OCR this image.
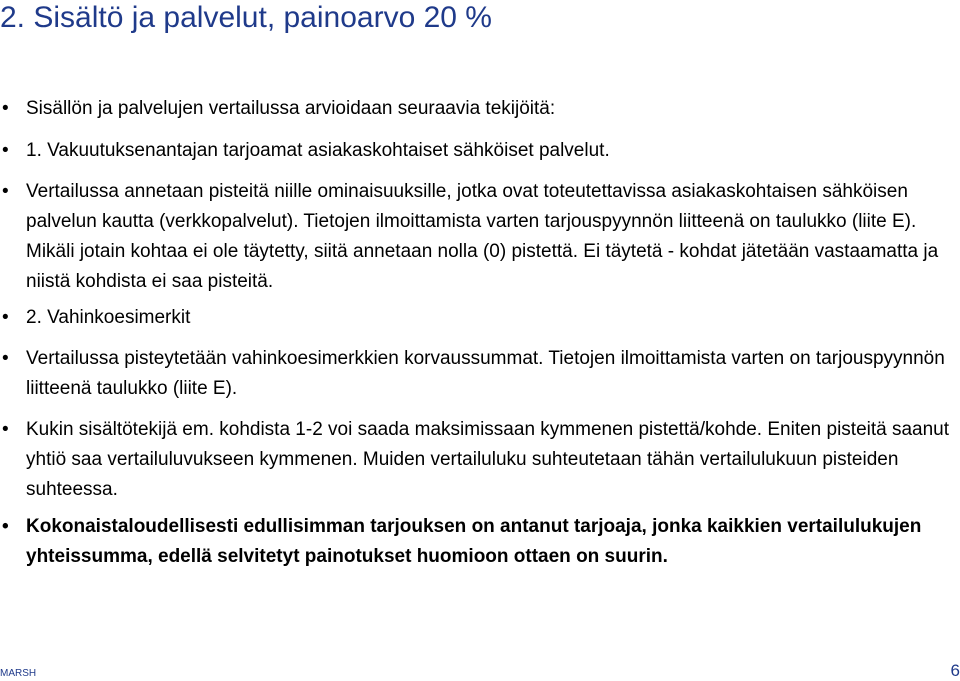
2. Sisältö ja palvelut, painoarvo 20 %
• Sisällön ja palvelujen vertailussa arvioidaan seuraavia tekijöitä:
• 1. Vakuutuksenantajan tarjoamat asiakaskohtaiset sähköiset palvelut.
• Vertailussa annetaan pisteitä niille ominaisuuksille, jotka ovat toteutettavissa asiakaskohtaisen sähköisen palvelun kautta (verkkopalvelut). Tietojen ilmoittamista varten tarjouspyynnön liitteenä on taulukko (liite E). Mikäli jotain kohtaa ei ole täytetty, siitä annetaan nolla (0) pistettä. Ei täytetä - kohdat jätetään vastaamatta ja niistä kohdista ei saa pisteitä.
• 2. Vahinkoesimerkit
• Vertailussa pisteytetään vahinkoesimerkkien korvaussummat. Tietojen ilmoittamista varten on tarjouspyynnön liitteenä taulukko (liite E).
• Kukin sisältötekijä em. kohdista 1-2 voi saada maksimissaan kymmenen pistettä/kohde. Eniten pisteitä saanut yhtiö saa vertailuluvukseen kymmenen. Muiden vertailuluku suhteutetaan tähän vertailulukuun pisteiden suhteessa.
• Kokonaistaloudellisesti edullisimman tarjouksen on antanut tarjoaja, jonka kaikkien vertailulukujen yhteissumma, edellä selvitetyt painotukset huomioon ottaen on suurin.
MARSH	6
